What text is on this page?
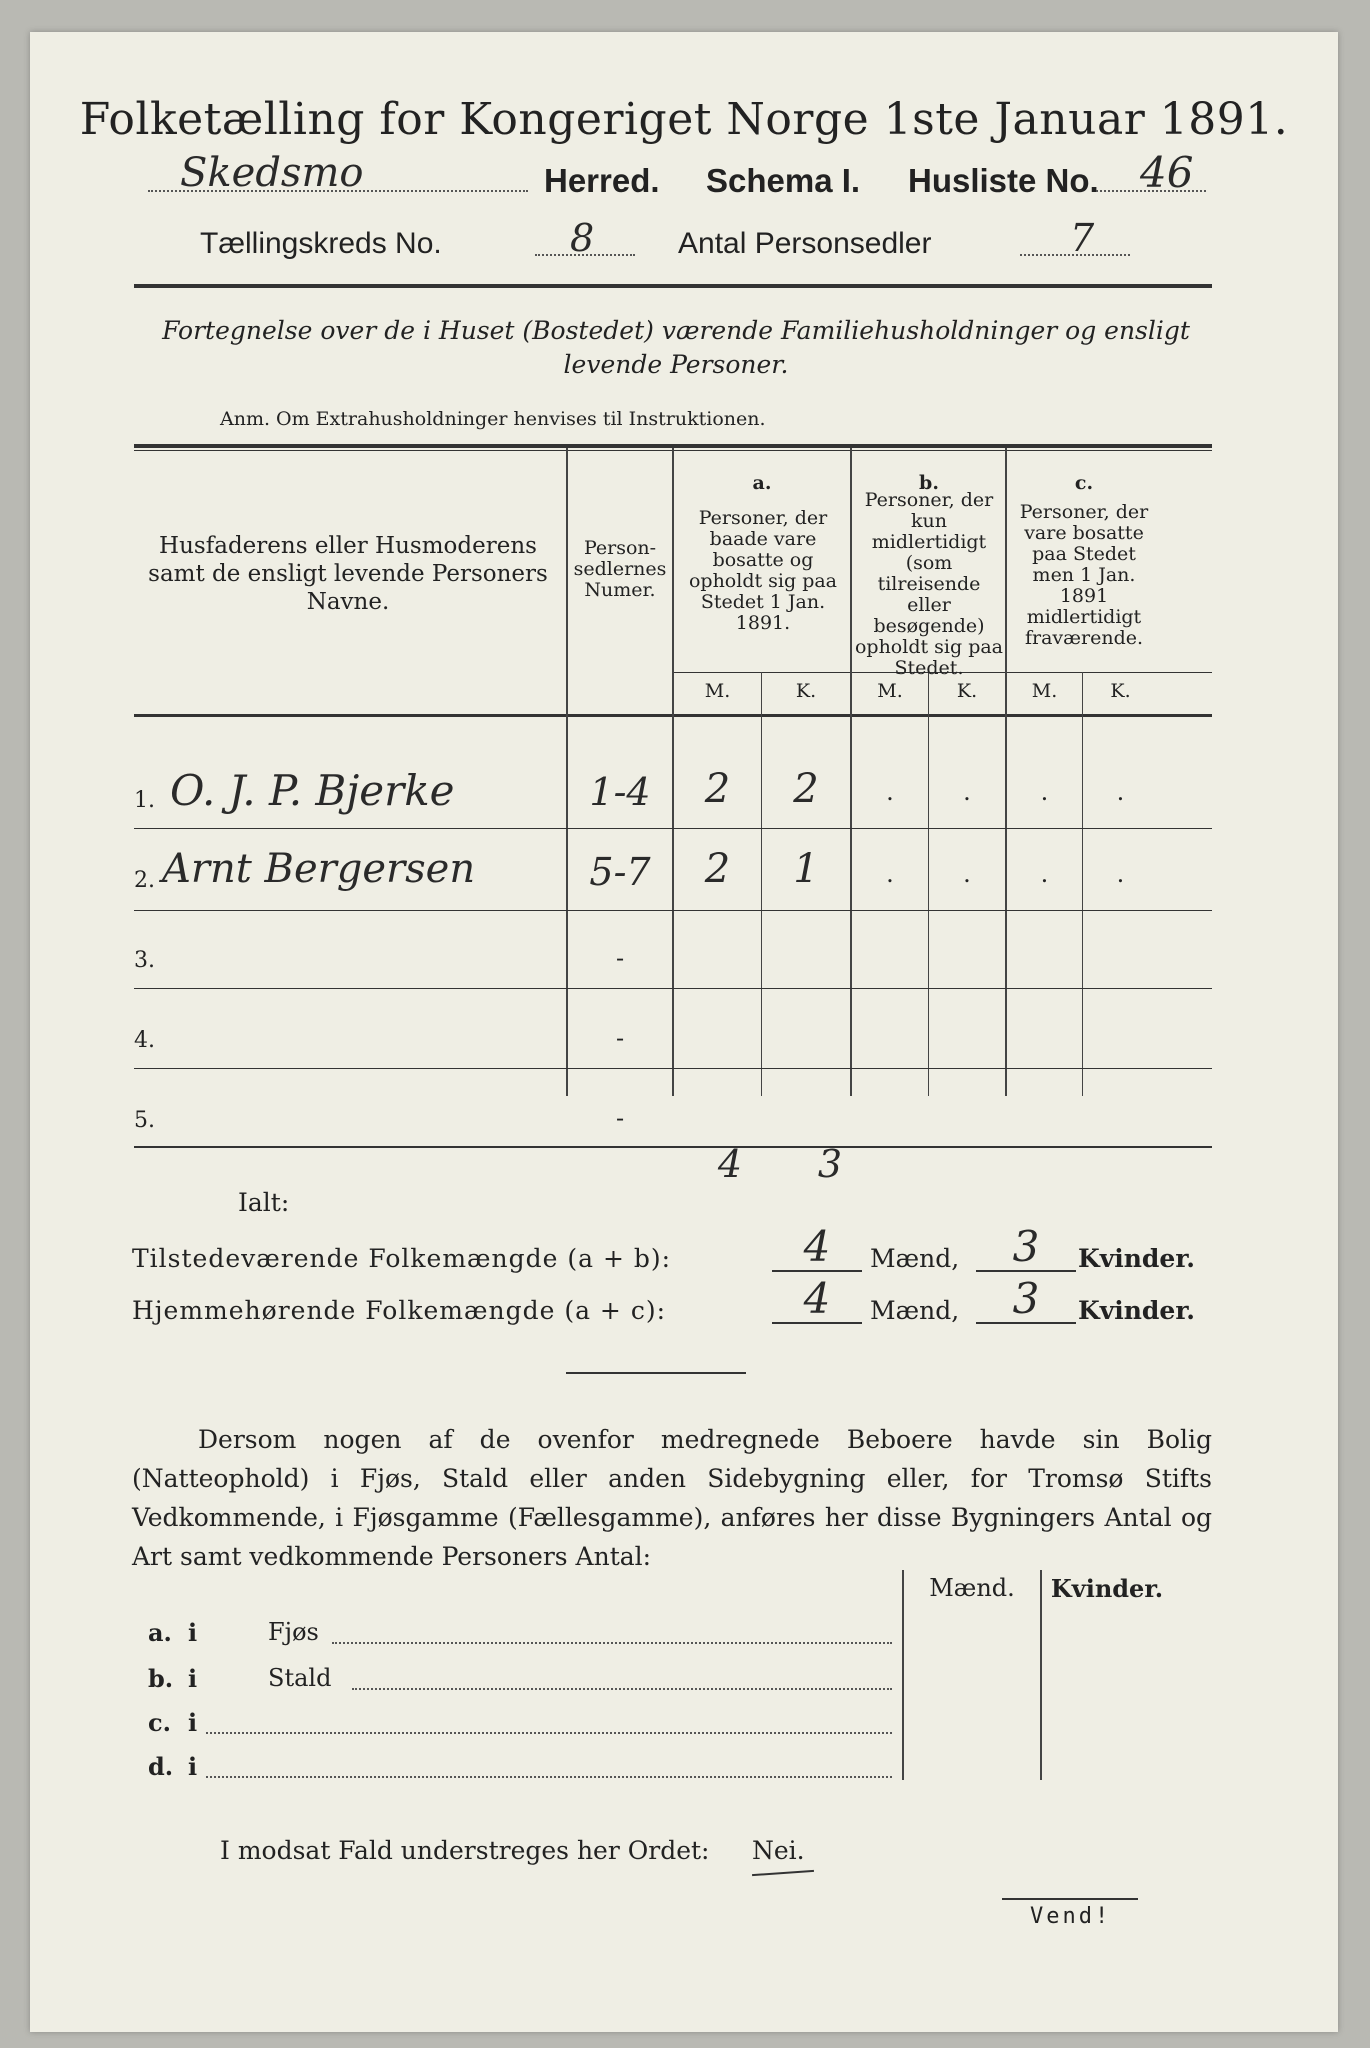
Folketælling for Kongeriget Norge 1ste Januar 1891.
Skedsmo	Herred. Schema I. Husliste No. 46
Tællingskreds No.	8	Antal Personsedler	7
Fortegnelse over de i Huset (Bostedet) værende Familiehusholdninger og ensligt levende Personer.
Anm. Om Extrahusholdninger henvises til Instruktionen.
Husfaderens eller Husmoderens samt de ensligt levende Personers Navne.
Person-sedlernes Numer.
a.
Personer, der baade vare bosatte og opholdt sig paa Stedet 1 Jan. 1891.
b.
Personer, der kun midlertidigt (som tilreisende eller besøgende) opholdt sig paa Stedet.
c.
Personer, der vare bosatte paa Stedet men 1 Jan. 1891 midlertidigt fraværende.
M.	K.	M.	K.	M.	K.
1. O. J. P. Bjerke	1-4	2	2	.	.	.	.
2. Arnt Bergersen	5-7	2	1	.	.	.	.
3.	-
4.	-
5.	-
4	3
Ialt:
Tilstedeværende Folkemængde (a + b):	4	Mænd,	3	Kvinder.
Hjemmehørende Folkemængde (a + c):	4	Mænd,	3	Kvinder.
Dersom nogen af de ovenfor medregnede Beboere havde sin Bolig (Natteophold) i Fjøs, Stald eller anden Sidebygning eller, for Tromsø Stifts Vedkommende, i Fjøsgamme (Fællesgamme), anføres her disse Bygningers Antal og Art samt vedkommende Personers Antal:
Mænd.	Kvinder.
a. i	Fjøs
b. i	Stald
c. i
d. i
I modsat Fald understreges her Ordet: Nei.
Vend!
